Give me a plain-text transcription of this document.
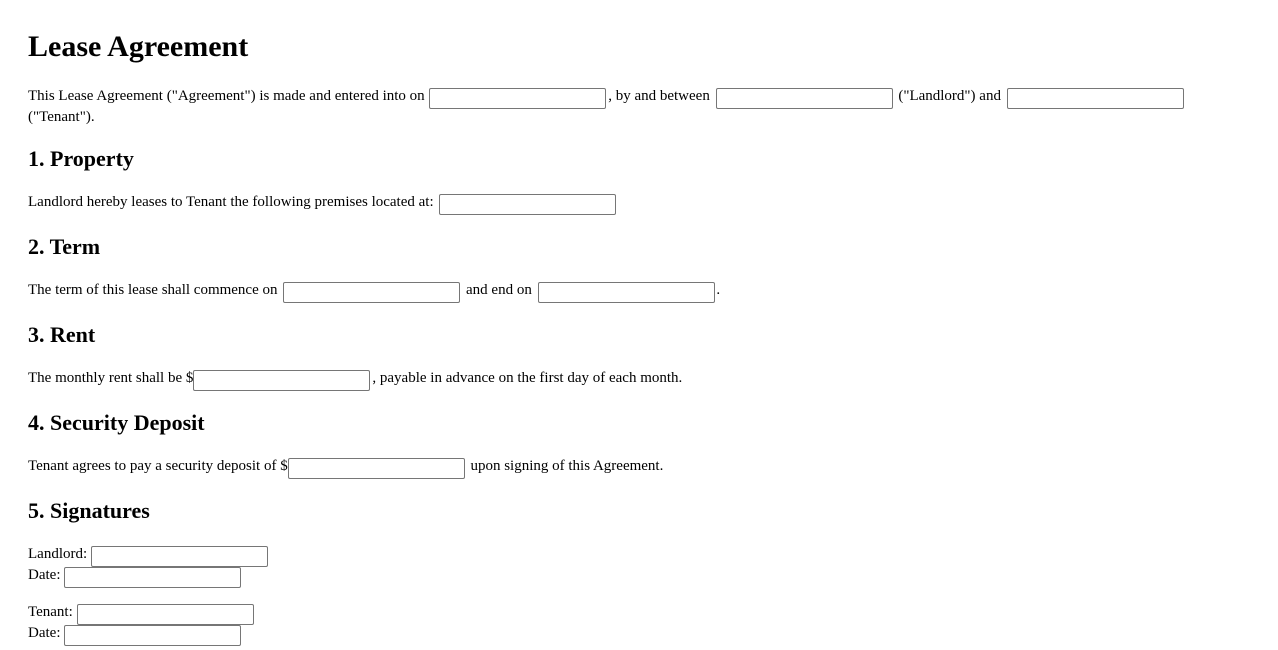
Lease Agreement
This Lease Agreement ("Agreement") is made and entered into on	, by and between	("Landlord") and
("Tenant").
1. Property
Landlord hereby leases to Tenant the following premises located at:
2. Term
The term of this lease shall commence on	and end on	.
3. Rent
The monthly rent shall be $	, payable in advance on the first day of each month.
4. Security Deposit
Tenant agrees to pay a security deposit of $	upon signing of this Agreement.
5. Signatures
Landlord:
Date:
Tenant:
Date:
